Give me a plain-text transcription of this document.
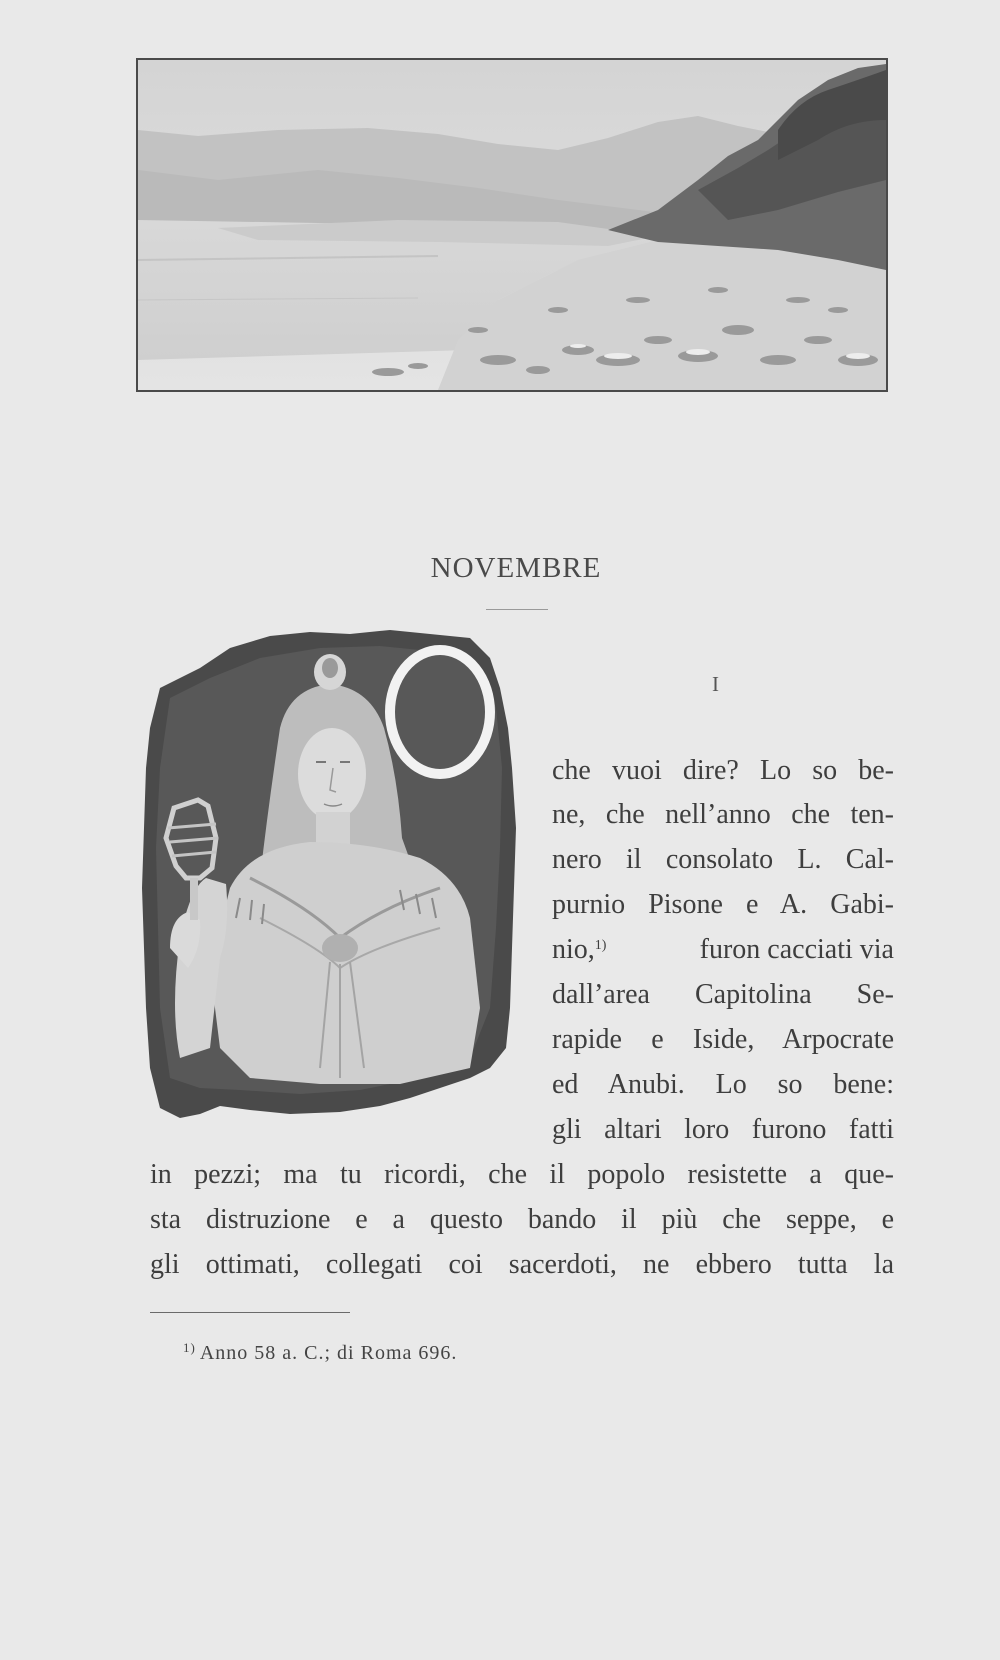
NOVEMBRE
I
che vuoi dire? Lo so be-
ne, che nell’anno che ten-
nero il consolato L. Cal-
purnio Pisone e A. Gabi-
nio,$^{1)}$	furon cacciati via
dall’area Capitolina Se-
rapide e Iside, Arpocrate
ed Anubi. Lo so bene:
gli altari loro furono fatti
in pezzi; ma tu ricordi, che il popolo resistette a que-
sta distruzione e a questo bando il più che seppe, e
gli ottimati, collegati coi sacerdoti, ne ebbero tutta la
$^{1)}$ Anno 58 a. C.; di Roma 696.
